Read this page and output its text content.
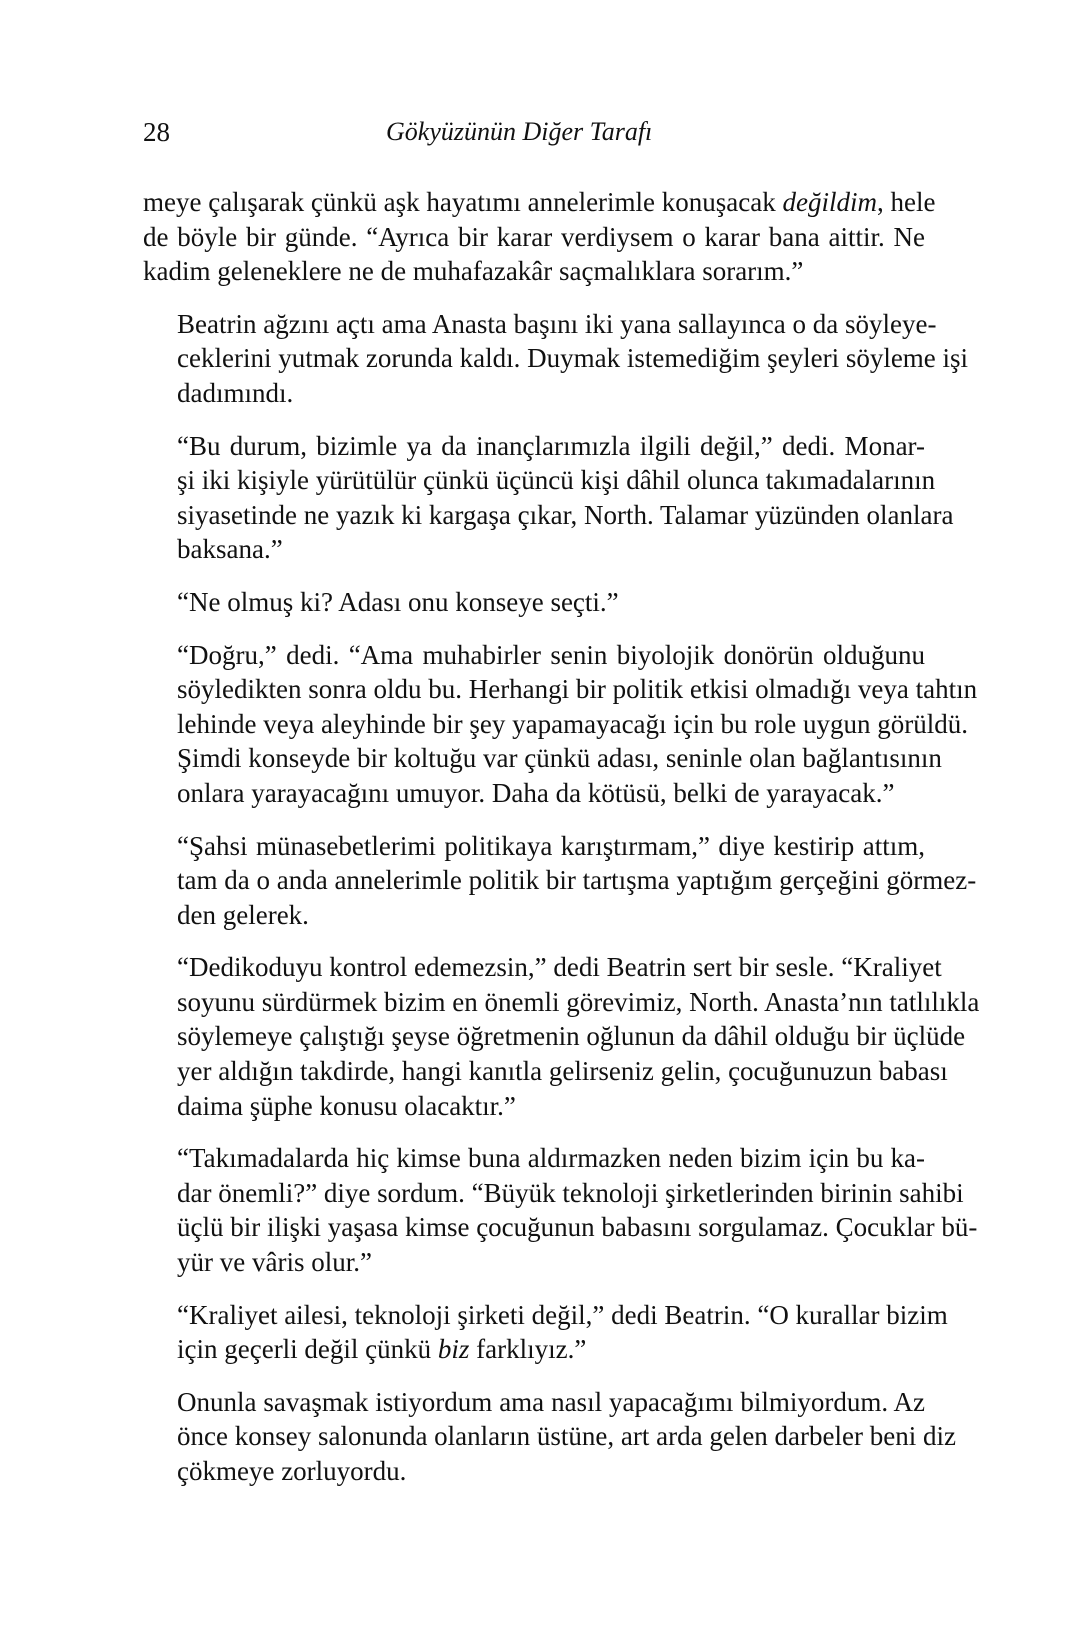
28	Gökyüzünün Diğer Tarafı

meye çalışarak çünkü aşk hayatımı annelerimle konuşacak değildim, hele
de böyle bir günde. “Ayrıca bir karar verdiysem o karar bana aittir. Ne
kadim geleneklere ne de muhafazakâr saçmalıklara sorarım.”

Beatrin ağzını açtı ama Anasta başını iki yana sallayınca o da söyleye-
ceklerini yutmak zorunda kaldı. Duymak istemediğim şeyleri söyleme işi
dadımındı.

“Bu durum, bizimle ya da inançlarımızla ilgili değil,” dedi. Monar-
şi iki kişiyle yürütülür çünkü üçüncü kişi dâhil olunca takımadalarının
siyasetinde ne yazık ki kargaşa çıkar, North. Talamar yüzünden olanlara
baksana.”

“Ne olmuş ki? Adası onu konseye seçti.”

“Doğru,” dedi. “Ama muhabirler senin biyolojik donörün olduğunu
söyledikten sonra oldu bu. Herhangi bir politik etkisi olmadığı veya tahtın
lehinde veya aleyhinde bir şey yapamayacağı için bu role uygun görüldü.
Şimdi konseyde bir koltuğu var çünkü adası, seninle olan bağlantısının
onlara yarayacağını umuyor. Daha da kötüsü, belki de yarayacak.”

“Şahsi münasebetlerimi politikaya karıştırmam,” diye kestirip attım,
tam da o anda annelerimle politik bir tartışma yaptığım gerçeğini görmez-
den gelerek.

“Dedikoduyu kontrol edemezsin,” dedi Beatrin sert bir sesle. “Kraliyet
soyunu sürdürmek bizim en önemli görevimiz, North. Anasta’nın tatlılıkla
söylemeye çalıştığı şeyse öğretmenin oğlunun da dâhil olduğu bir üçlüde
yer aldığın takdirde, hangi kanıtla gelirseniz gelin, çocuğunuzun babası
daima şüphe konusu olacaktır.”

“Takımadalarda hiç kimse buna aldırmazken neden bizim için bu ka-
dar önemli?” diye sordum. “Büyük teknoloji şirketlerinden birinin sahibi
üçlü bir ilişki yaşasa kimse çocuğunun babasını sorgulamaz. Çocuklar bü-
yür ve vâris olur.”

“Kraliyet ailesi, teknoloji şirketi değil,” dedi Beatrin. “O kurallar bizim
için geçerli değil çünkü biz farklıyız.”

Onunla savaşmak istiyordum ama nasıl yapacağımı bilmiyordum. Az
önce konsey salonunda olanların üstüne, art arda gelen darbeler beni diz
çökmeye zorluyordu.
